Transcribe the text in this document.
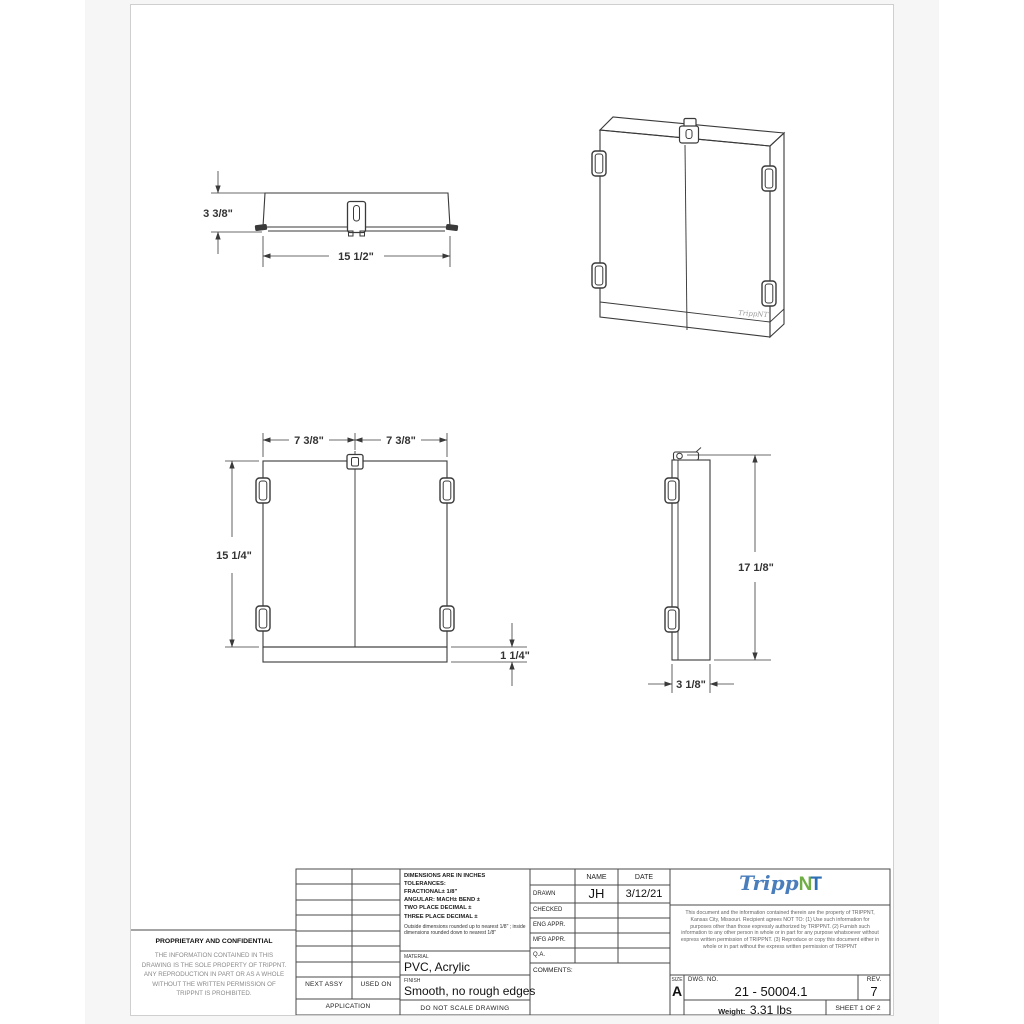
3 3/8"
15 1/2"
TrippNT
7 3/8"	7 3/8"
15 1/4"
1 1/4"
17 1/8"
3 1/8"
PROPRIETARY AND CONFIDENTIAL
THE INFORMATION CONTAINED IN THIS DRAWING IS THE SOLE PROPERTY OF TRIPPNT. ANY REPRODUCTION IN PART OR AS A WHOLE WITHOUT THE WRITTEN PERMISSION OF TRIPPNT IS PROHIBITED.
NEXT ASSY	USED ON
APPLICATION
DIMENSIONS ARE IN INCHES
TOLERANCES:
FRACTIONAL± 1/8"
ANGULAR: MACH± BEND ±
TWO PLACE DECIMAL ±
THREE PLACE DECIMAL ±
Outside dimensions rounded up to nearest 1/8" ; inside dimensions rounded down to nearest 1/8"
MATERIAL
PVC, Acrylic
FINISH
Smooth, no rough edges
DO NOT SCALE DRAWING
NAME	DATE
DRAWN	JH	3/12/21
CHECKED
ENG APPR.
MFG APPR.
Q.A.
COMMENTS:
TrippNT
This document and the information contained therein are the property of TRIPPNT, Kansas City, Missouri. Recipient agrees NOT TO: (1) Use such information for purposes other than those expressly authorized by TRIPPNT. (2) Furnish such information to any other person in whole or in part for any purpose whatsoever without express written permission of TRIPPNT. (3) Reproduce or copy this document either in whole or in part without the express written permission of TRIPPNT
SIZE
A
DWG. NO.
21 - 50004.1
REV.
7
Weight: 3.31 lbs	SHEET 1 OF 2
